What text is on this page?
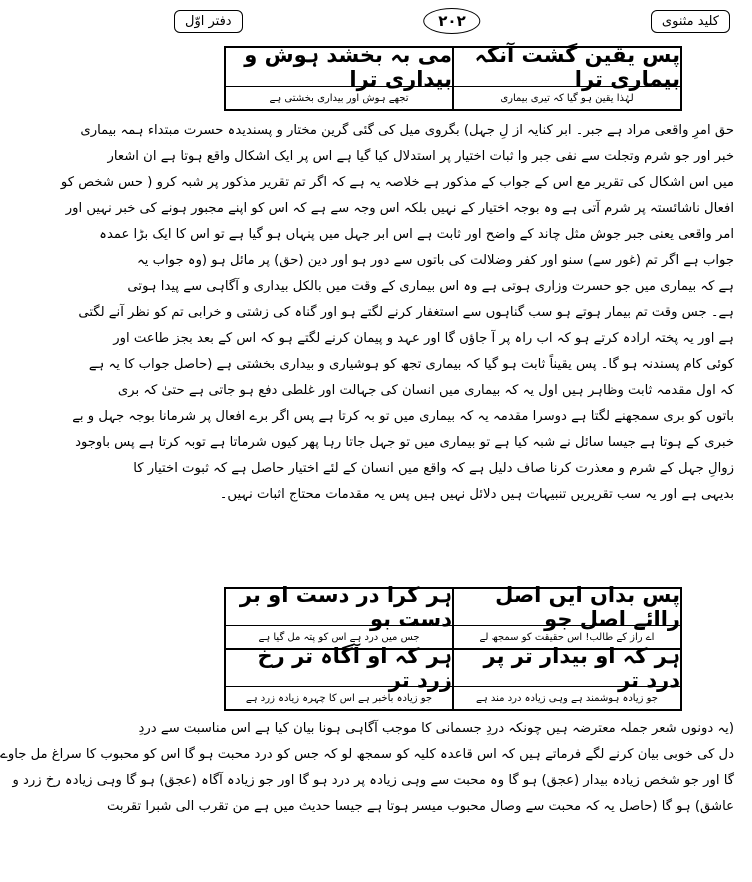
کلید مثنوی
۲۰۲
دفتر اوّل
پس یقین گشت آنکہ بیماری ترا
می بہ بخشد ہوش و بیداری ترا
لہٰذا یقین ہو گیا کہ تیری بیماری
تجھے ہوش اور بیداری بخشتی ہے
حق امرِ واقعی مراد ہے جبر۔ ابر کنایہ از لِ جہل) بگروی میل کی گئی گرین مختار و پسندیدہ حسرت مبتداء ہمہ بیماری
خبر اور جو شرم وتجلت سے نفی جبر وا ثبات اختیار پر استدلال کیا گیا ہے اس پر ایک اشکال واقع ہوتا ہے ان اشعار
میں اس اشکال کی تقریر مع اس کے جواب کے مذکور ہے خلاصہ یہ ہے کہ اگر تم تقریر مذکور پر شبہ کرو ( حس شخص کو
افعال ناشائستہ پر شرم آتی ہے وہ بوجہ اختیار کے نہیں بلکہ اس وجہ سے ہے کہ اس کو اپنے مجبور ہونے کی خبر نہیں اور
امر واقعی یعنی جبر جوش مثل چاند کے واضح اور ثابت ہے اس ابر جہل میں پنہاں ہو گیا ہے تو اس کا ایک بڑا عمدہ
جواب ہے اگر تم (غور سے) سنو اور کفر وضلالت کی باتوں سے دور ہو اور دین (حق) پر مائل ہو (وہ جواب یہ
ہے کہ بیماری میں جو حسرت وزاری ہوتی ہے وہ اس بیماری کے وقت میں بالکل بیداری و آگاہی سے پیدا ہوتی
ہے۔ جس وقت تم بیمار ہوتے ہو سب گناہوں سے استغفار کرنے لگتے ہو اور گناہ کی زشتی و خرابی تم کو نظر آنے لگتی
ہے اور یہ پختہ ارادہ کرتے ہو کہ اب راہ پر آ جاؤں گا اور عہد و پیمان کرنے لگتے ہو کہ اس کے بعد بجز طاعت اور
کوئی کام پسندنہ ہو گا۔ پس یقیناً ثابت ہو گیا کہ بیماری تجھ کو ہوشیاری و بیداری بخشتی ہے (حاصل جواب کا یہ ہے
کہ اول مقدمہ ثابت وظاہر ہیں اول یہ کہ بیماری میں انسان کی جہالت اور غلطی دفع ہو جاتی ہے حتیٰ کہ بری
باتوں کو بری سمجھنے لگتا ہے دوسرا مقدمہ یہ کہ بیماری میں تو بہ کرتا ہے پس اگر برے افعال پر شرمانا بوجہ جہل و بے
خبری کے ہوتا ہے جیسا سائل نے شبہ کیا ہے تو بیماری میں تو جہل جاتا رہا پھر کیوں شرماتا ہے توبہ کرتا ہے پس باوجود
زوالِ جہل کے شرم و معذرت کرنا صاف دلیل ہے کہ واقع میں انسان کے لئے اختیار حاصل ہے کہ ثبوت اختیار کا
بدیہی ہے اور یہ سب تقریریں تنبیہات ہیں دلائل نہیں ہیں پس یہ مقدمات محتاج اثبات نہیں۔
پس بداں ایں اصل راائے اصل جو
ہر کرا در دست او بر دست بو
اے راز کے طالب! اس حقیقت کو سمجھ لے
جس میں درد ہے اس کو پتہ مل گیا ہے
ہر کہ او بیدار تر پر درد تر
ہر کہ او آگاہ تر رخ زرد تر
جو زیادہ ہوشمند ہے وہی زیادہ درد مند ہے
جو زیادہ باخبر ہے اس کا چہرہ زیادہ زرد ہے
(یہ دونوں شعر جملہ معترضہ ہیں چونکہ دردِ جسمانی کا موجب آگاہی ہونا بیان کیا ہے اس مناسبت سے دردِ
دل کی خوبی بیان کرنے لگے فرماتے ہیں کہ اس قاعدہ کلیہ کو سمجھ لو کہ جس کو درد محبت ہو گا اس کو محبوب کا سراغ مل جاوے
گا اور جو شخص زیادہ بیدار (عجق) ہو گا وہ محبت سے وہی زیادہ پر درد ہو گا اور جو زیادہ آگاہ (عجق) ہو گا وہی زیادہ رخ زرد و
عاشق) ہو گا (حاصل یہ کہ محبت سے وصال محبوب میسر ہوتا ہے جیسا حدیث میں ہے من تقرب الی شبرا تقربت
